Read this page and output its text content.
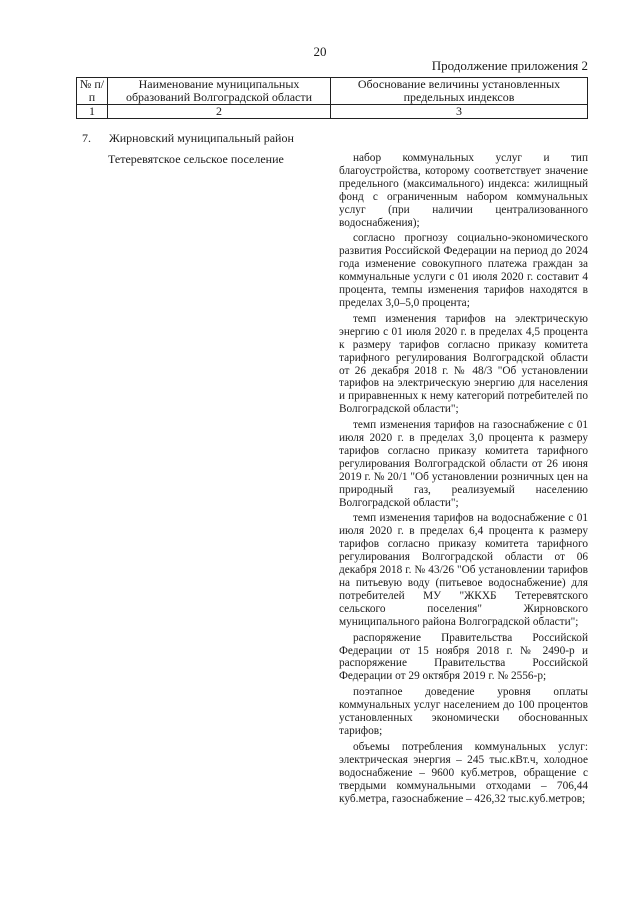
20
Продолжение приложения 2
№ п/п	Наименование муниципальных образований Волгоградской области	Обоснование величины установленных предельных индексов
1	2	3
7. Жирновский муниципальный район
Тетеревятское сельское поселение	набор коммунальных услуг и тип благоустройства, которому соответствует значение предельного (максимального) индекса: жилищный фонд с ограниченным набором коммунальных услуг (при наличии централизованного водоснабжения);

согласно прогнозу социально-экономического развития Российской Федерации на период до 2024 года изменение совокупного платежа граждан за коммунальные услуги с 01 июля 2020 г. составит 4 процента, темпы изменения тарифов находятся в пределах 3,0–5,0 процента;

темп изменения тарифов на электрическую энергию с 01 июля 2020 г. в пределах 4,5 процента к размеру тарифов согласно приказу комитета тарифного регулирования Волгоградской области от 26 декабря 2018 г. № 48/3 "Об установлении тарифов на электрическую энергию для населения и приравненных к нему категорий потребителей по Волгоградской области";

темп изменения тарифов на газоснабжение с 01 июля 2020 г. в пределах 3,0 процента к размеру тарифов согласно приказу комитета тарифного регулирования Волгоградской области от 26 июня 2019 г. № 20/1 "Об установлении розничных цен на природный газ, реализуемый населению Волгоградской области";

темп изменения тарифов на водоснабжение с 01 июля 2020 г. в пределах 6,4 процента к размеру тарифов согласно приказу комитета тарифного регулирования Волгоградской области от 06 декабря 2018 г. № 43/26 "Об установлении тарифов на питьевую воду (питьевое водоснабжение) для потребителей МУ "ЖКХБ Тетеревятского сельского поселения" Жирновского муниципального района Волгоградской области";

распоряжение Правительства Российской Федерации от 15 ноября 2018 г. № 2490-р и распоряжение Правительства Российской Федерации от 29 октября 2019 г. № 2556-р;

поэтапное доведение уровня оплаты коммунальных услуг населением до 100 процентов установленных экономически обоснованных тарифов;

объемы потребления коммунальных услуг: электрическая энергия – 245 тыс.кВт.ч, холодное водоснабжение – 9600 куб.метров, обращение с твердыми коммунальными отходами – 706,44 куб.метра, газоснабжение – 426,32 тыс.куб.метров;
